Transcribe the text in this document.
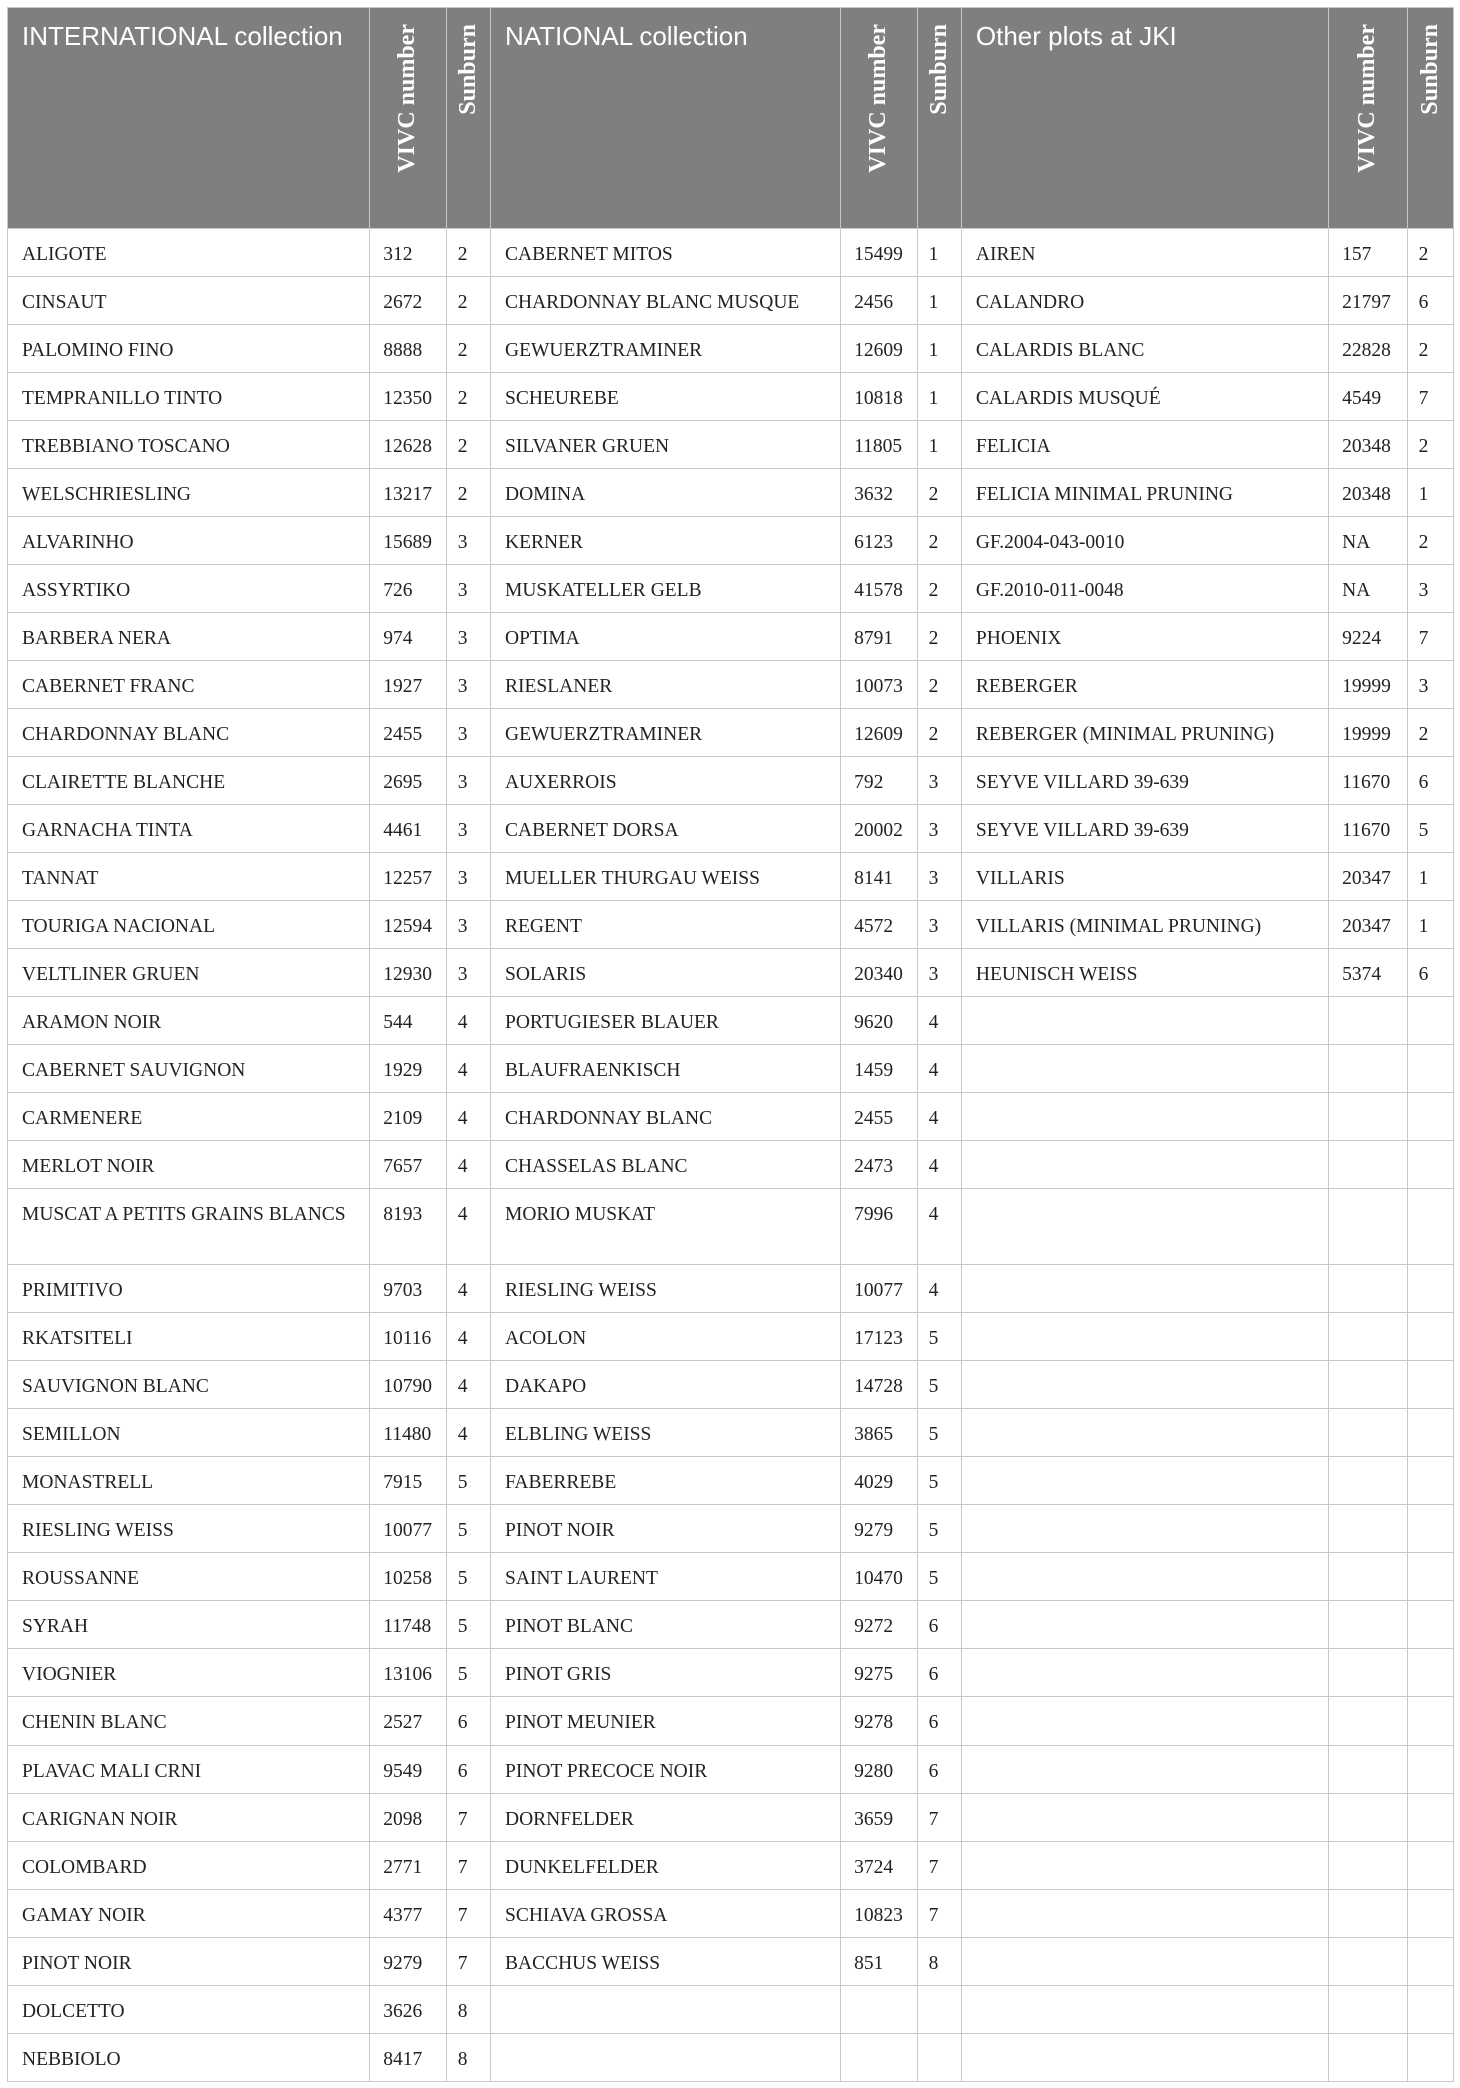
INTERNATIONAL collection	VIVC number	Sunburn	NATIONAL collection	VIVC number	Sunburn	Other plots at JKI	VIVC number	Sunburn
ALIGOTE	312	2	CABERNET MITOS	15499	1	AIREN	157	2
CINSAUT	2672	2	CHARDONNAY BLANC MUSQUE	2456	1	CALANDRO	21797	6
PALOMINO FINO	8888	2	GEWUERZTRAMINER	12609	1	CALARDIS BLANC	22828	2
TEMPRANILLO TINTO	12350	2	SCHEUREBE	10818	1	CALARDIS MUSQUÉ	4549	7
TREBBIANO TOSCANO	12628	2	SILVANER GRUEN	11805	1	FELICIA	20348	2
WELSCHRIESLING	13217	2	DOMINA	3632	2	FELICIA MINIMAL PRUNING	20348	1
ALVARINHO	15689	3	KERNER	6123	2	GF.2004-043-0010	NA	2
ASSYRTIKO	726	3	MUSKATELLER GELB	41578	2	GF.2010-011-0048	NA	3
BARBERA NERA	974	3	OPTIMA	8791	2	PHOENIX	9224	7
CABERNET FRANC	1927	3	RIESLANER	10073	2	REBERGER	19999	3
CHARDONNAY BLANC	2455	3	GEWUERZTRAMINER	12609	2	REBERGER (MINIMAL PRUNING)	19999	2
CLAIRETTE BLANCHE	2695	3	AUXERROIS	792	3	SEYVE VILLARD 39-639	11670	6
GARNACHA TINTA	4461	3	CABERNET DORSA	20002	3	SEYVE VILLARD 39-639	11670	5
TANNAT	12257	3	MUELLER THURGAU WEISS	8141	3	VILLARIS	20347	1
TOURIGA NACIONAL	12594	3	REGENT	4572	3	VILLARIS (MINIMAL PRUNING)	20347	1
VELTLINER GRUEN	12930	3	SOLARIS	20340	3	HEUNISCH WEISS	5374	6
ARAMON NOIR	544	4	PORTUGIESER BLAUER	9620	4			
CABERNET SAUVIGNON	1929	4	BLAUFRAENKISCH	1459	4			
CARMENERE	2109	4	CHARDONNAY BLANC	2455	4			
MERLOT NOIR	7657	4	CHASSELAS BLANC	2473	4			
MUSCAT A PETITS GRAINS BLANCS	8193	4	MORIO MUSKAT	7996	4			
PRIMITIVO	9703	4	RIESLING WEISS	10077	4			
RKATSITELI	10116	4	ACOLON	17123	5			
SAUVIGNON BLANC	10790	4	DAKAPO	14728	5			
SEMILLON	11480	4	ELBLING WEISS	3865	5			
MONASTRELL	7915	5	FABERREBE	4029	5			
RIESLING WEISS	10077	5	PINOT NOIR	9279	5			
ROUSSANNE	10258	5	SAINT LAURENT	10470	5			
SYRAH	11748	5	PINOT BLANC	9272	6			
VIOGNIER	13106	5	PINOT GRIS	9275	6			
CHENIN BLANC	2527	6	PINOT MEUNIER	9278	6			
PLAVAC MALI CRNI	9549	6	PINOT PRECOCE NOIR	9280	6			
CARIGNAN NOIR	2098	7	DORNFELDER	3659	7			
COLOMBARD	2771	7	DUNKELFELDER	3724	7			
GAMAY NOIR	4377	7	SCHIAVA GROSSA	10823	7			
PINOT NOIR	9279	7	BACCHUS WEISS	851	8			
DOLCETTO	3626	8						
NEBBIOLO	8417	8						
